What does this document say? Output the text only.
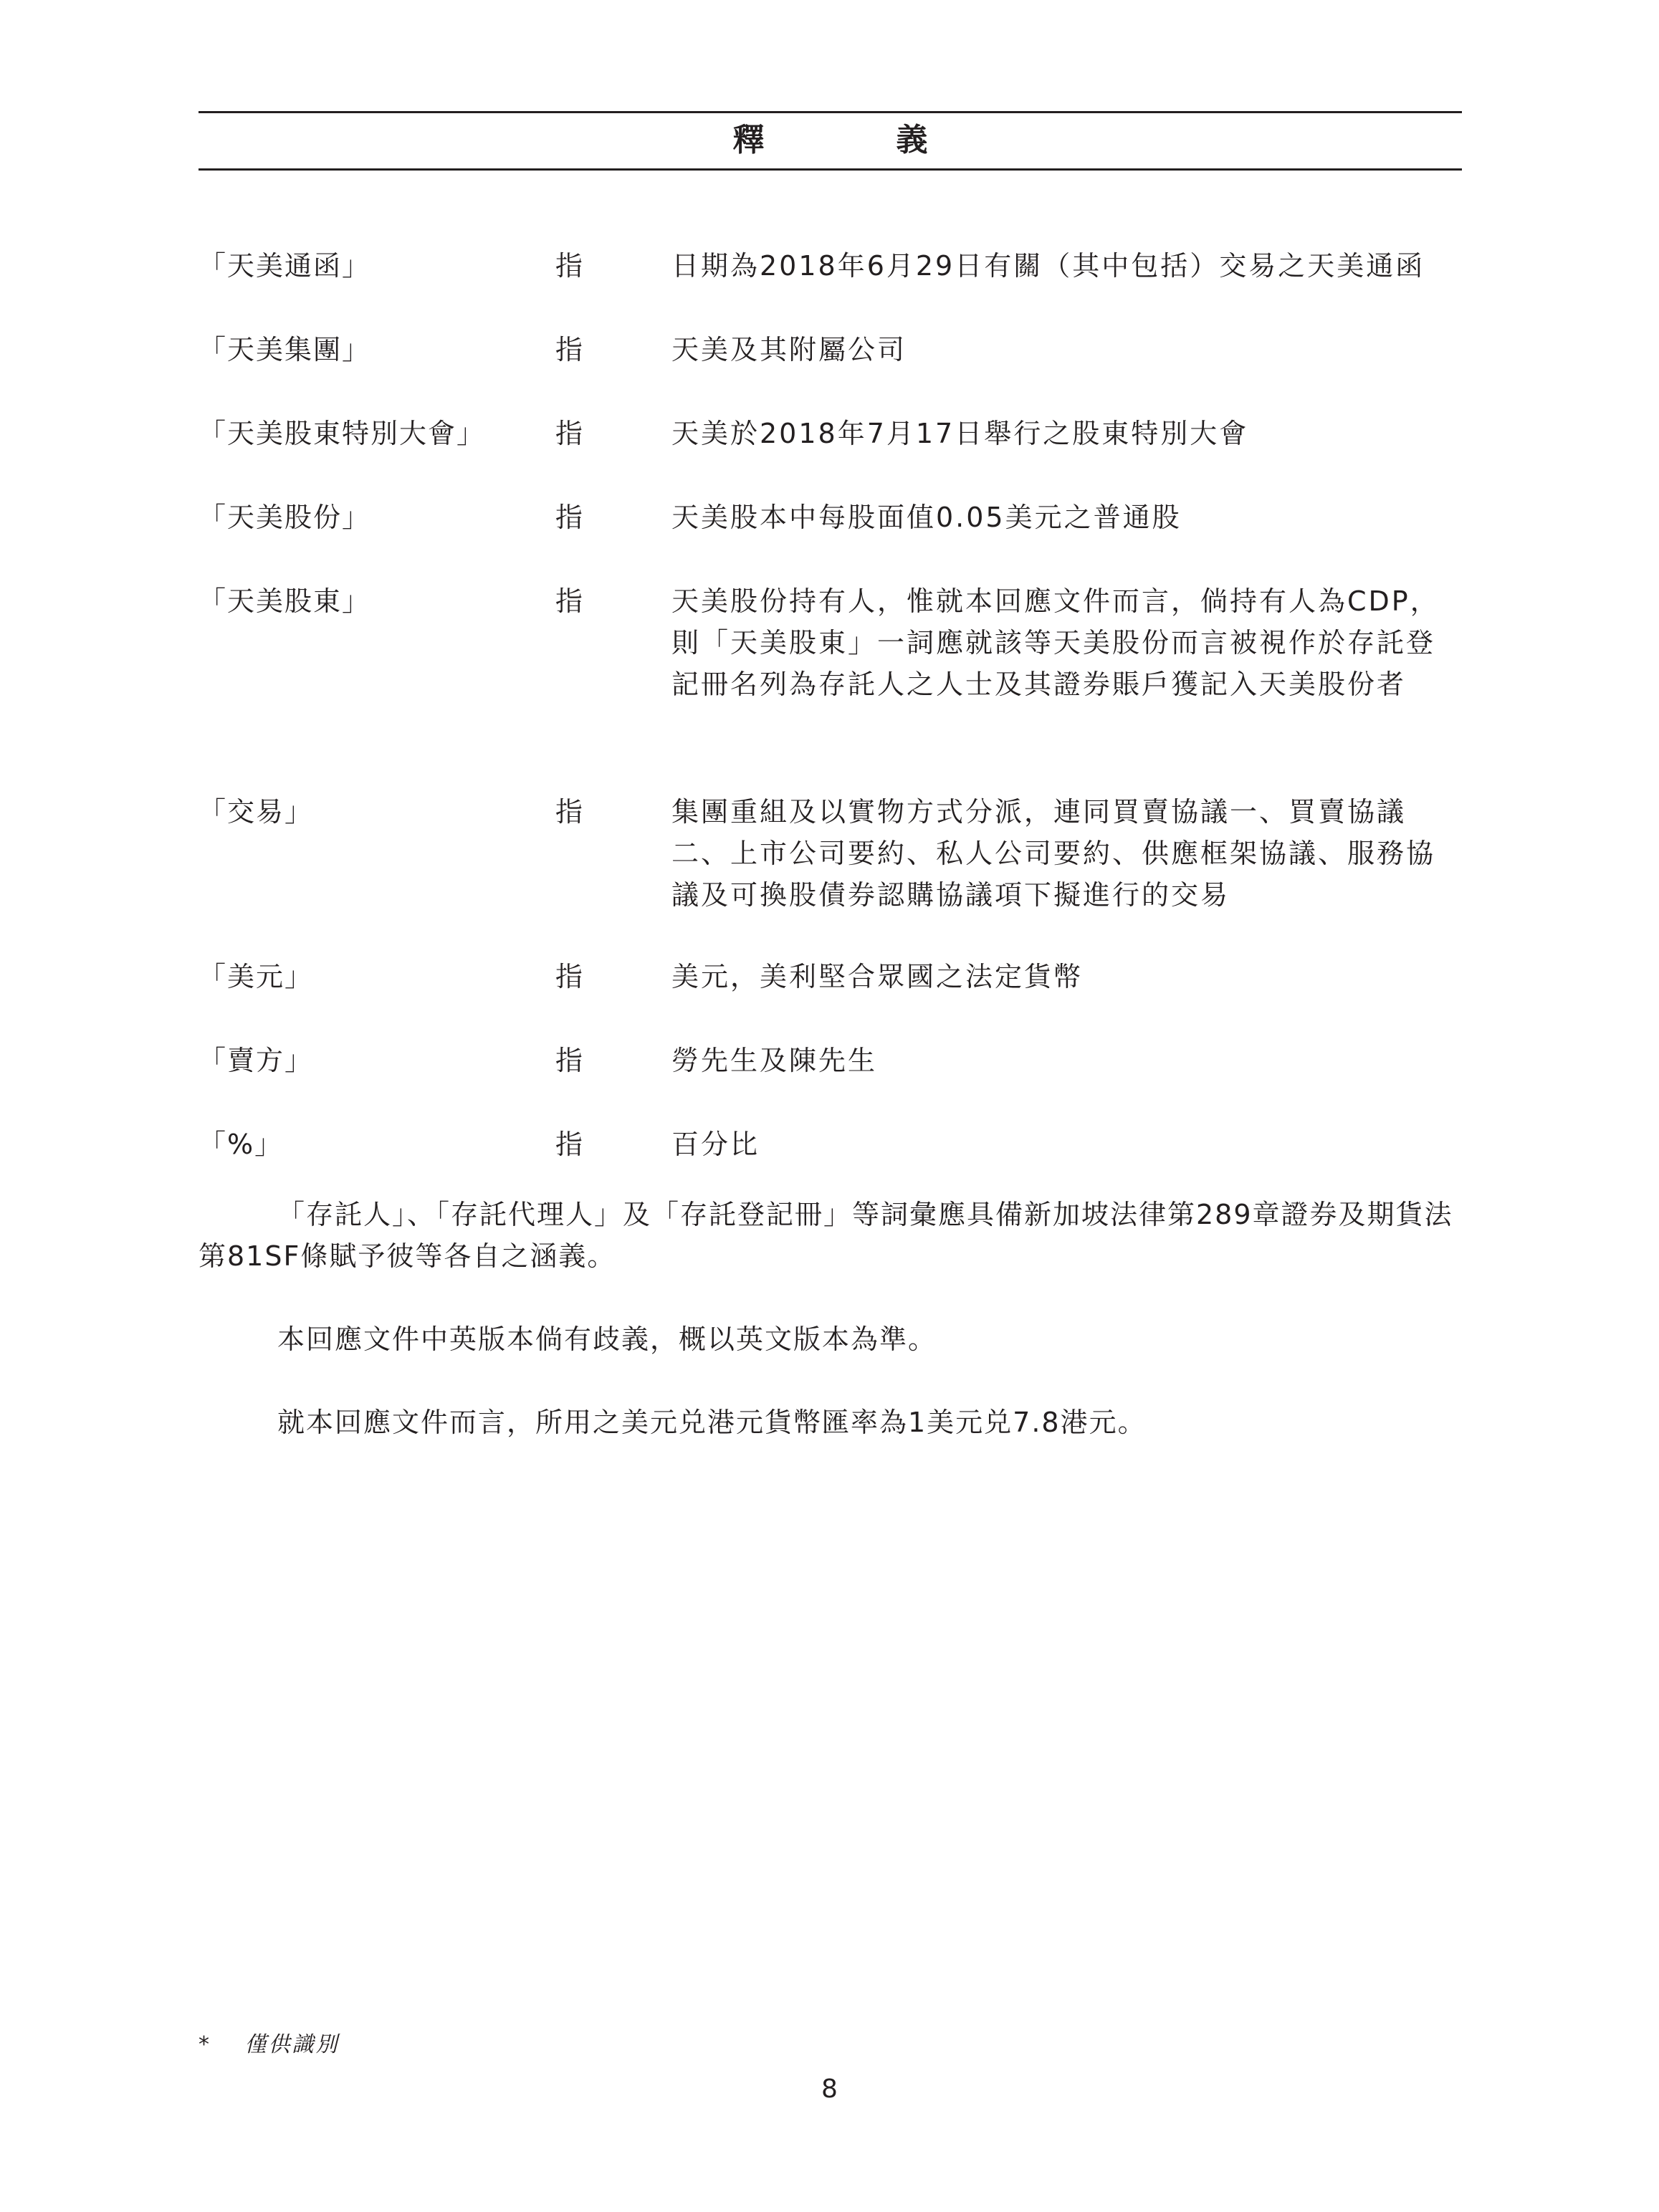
釋　義
「天美通函」	指	日期為2018年6月29日有關（其中包括）交易之天美通函
「天美集團」	指	天美及其附屬公司
「天美股東特別大會」	指	天美於2018年7月17日舉行之股東特別大會
「天美股份」	指	天美股本中每股面值0.05美元之普通股
「天美股東」	指	天美股份持有人，惟就本回應文件而言，倘持有人為CDP，則「天美股東」一詞應就該等天美股份而言被視作於存託登記冊名列為存託人之人士及其證券賬戶獲記入天美股份者
「交易」	指	集團重組及以實物方式分派，連同買賣協議一、買賣協議二、上市公司要約、私人公司要約、供應框架協議、服務協議及可換股債券認購協議項下擬進行的交易
「美元」	指	美元，美利堅合眾國之法定貨幣
「賣方」	指	勞先生及陳先生
「%」	指	百分比
「存託人」、「存託代理人」及「存託登記冊」等詞彙應具備新加坡法律第289章證券及期貨法第81SF條賦予彼等各自之涵義。
本回應文件中英版本倘有歧義，概以英文版本為準。
就本回應文件而言，所用之美元兑港元貨幣匯率為1美元兑7.8港元。
* 僅供識別
8
